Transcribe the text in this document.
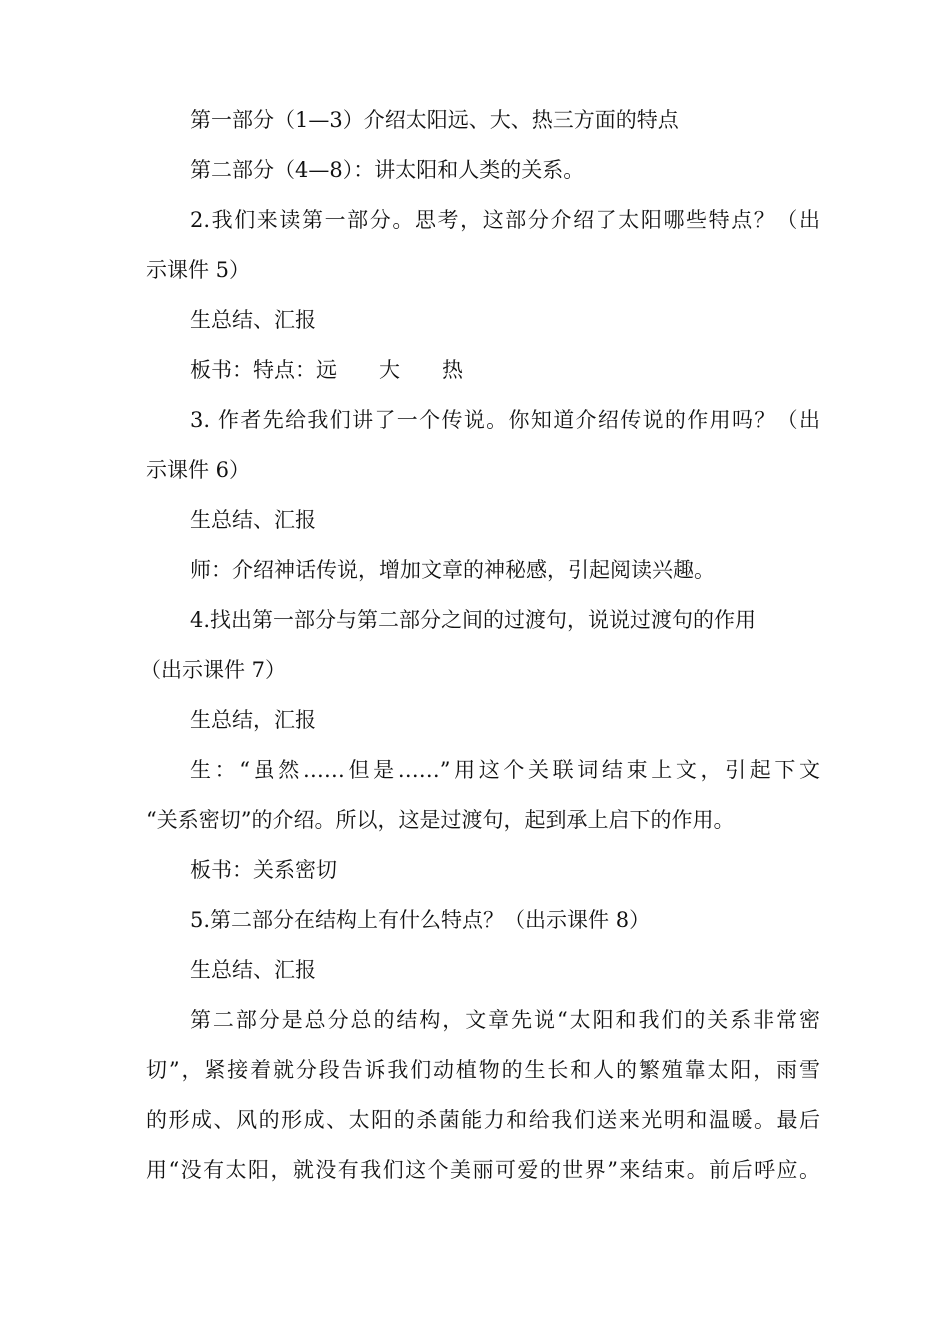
第一部分（1—3）介绍太阳远、大、热三方面的特点
第二部分（4—8）：讲太阳和人类的关系。
2.我们来读第一部分。思考，这部分介绍了太阳哪些特点？（出
示课件 5）
生总结、汇报
板书：特点：远　　大　　热
3. 作者先给我们讲了一个传说。你知道介绍传说的作用吗？（出
示课件 6）
生总结、汇报
师：介绍神话传说，增加文章的神秘感，引起阅读兴趣。
4.找出第一部分与第二部分之间的过渡句，说说过渡句的作用
（出示课件 7）
生总结，汇报
生：“虽然……但是……”用这个关联词结束上文，引起下文
“关系密切”的介绍。所以，这是过渡句，起到承上启下的作用。
板书：关系密切
5.第二部分在结构上有什么特点？（出示课件 8）
生总结、汇报
第二部分是总分总的结构，文章先说“太阳和我们的关系非常密
切”，紧接着就分段告诉我们动植物的生长和人的繁殖靠太阳，雨雪
的形成、风的形成、太阳的杀菌能力和给我们送来光明和温暖。最后
用“没有太阳，就没有我们这个美丽可爱的世界”来结束。前后呼应。
